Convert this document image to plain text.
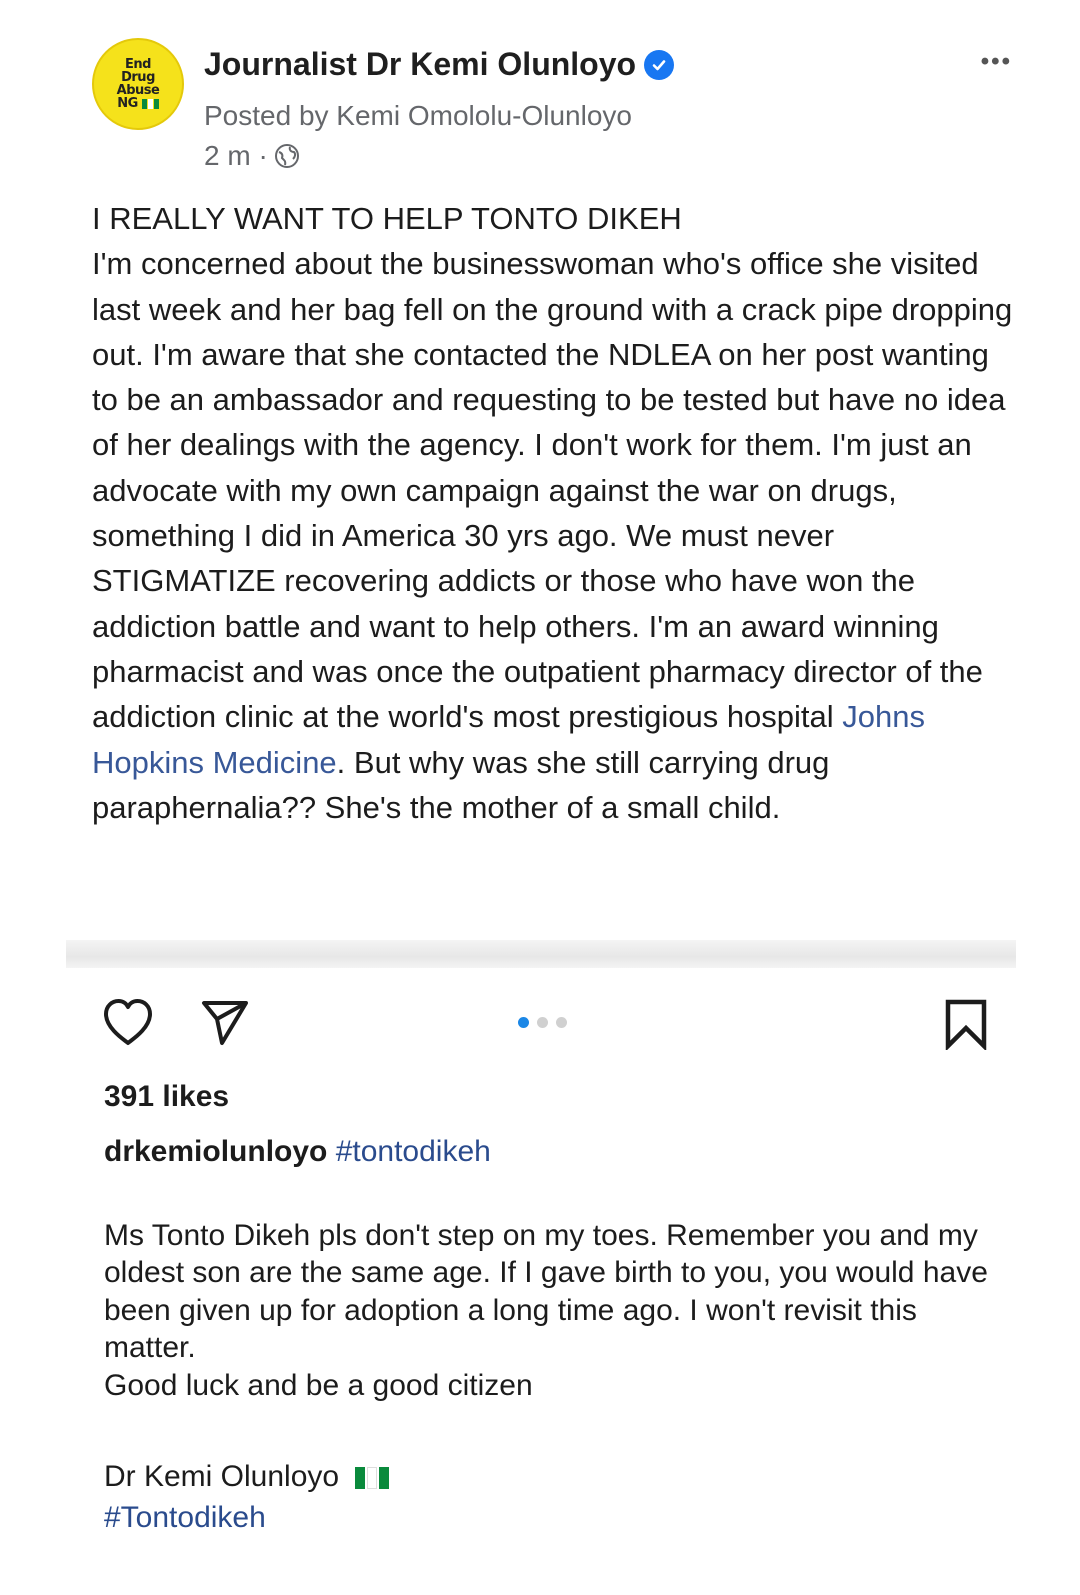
End
Drug
Abuse
NG
Journalist Dr Kemi Olunloyo
Posted by Kemi Omololu-Olunloyo
2 m ·
•••

I REALLY WANT TO HELP TONTO DIKEH

I'm concerned about the businesswoman who's office she visited last week and her bag fell on the ground with a crack pipe dropping out. I'm aware that she contacted the NDLEA on her post wanting to be an ambassador and requesting to be tested but have no idea of her dealings with the agency. I don't work for them. I'm just an advocate with my own campaign against the war on drugs, something I did in America 30 yrs ago. We must never STIGMATIZE recovering addicts or those who have won the addiction battle and want to help others. I'm an award winning pharmacist and was once the outpatient pharmacy director of the addiction clinic at the world's most prestigious hospital Johns Hopkins Medicine. But why was she still carrying drug paraphernalia?? She's the mother of a small child.

391 likes
drkemiolunloyo #tontodikeh

Ms Tonto Dikeh pls don't step on my toes. Remember you and my oldest son are the same age. If I gave birth to you, you would have been given up for adoption a long time ago. I won't revisit this matter.

Good luck and be a good citizen

Dr Kemi Olunloyo
#Tontodikeh
